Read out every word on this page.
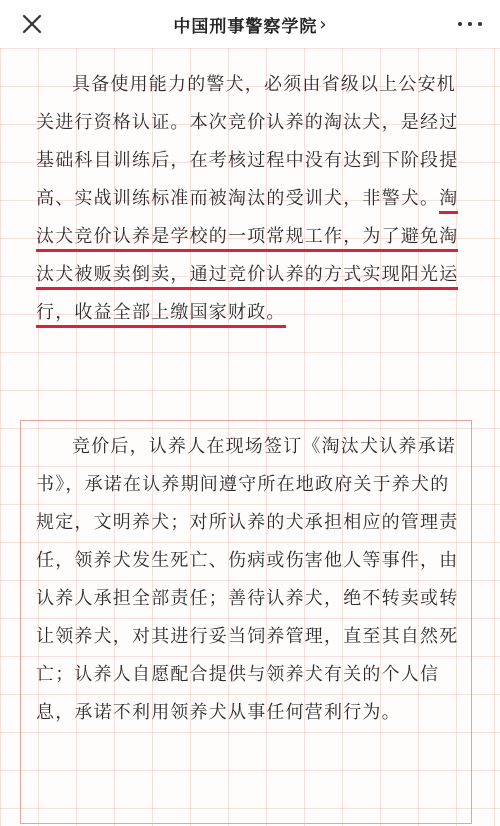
中国刑事警察学院 ›

具备使用能力的警犬，必须由省级以上公安机关进行资格认证。本次竞价认养的淘汰犬，是经过基础科目训练后，在考核过程中没有达到下阶段提高、实战训练标准而被淘汰的受训犬，非警犬。淘汰犬竞价认养是学校的一项常规工作，为了避免淘汰犬被贩卖倒卖，通过竞价认养的方式实现阳光运行，收益全部上缴国家财政。

竞价后，认养人在现场签订《淘汰犬认养承诺书》，承诺在认养期间遵守所在地政府关于养犬的规定，文明养犬；对所认养的犬承担相应的管理责任，领养犬发生死亡、伤病或伤害他人等事件，由认养人承担全部责任；善待认养犬，绝不转卖或转让领养犬，对其进行妥当饲养管理，直至其自然死亡；认养人自愿配合提供与领养犬有关的个人信息，承诺不利用领养犬从事任何营利行为。
